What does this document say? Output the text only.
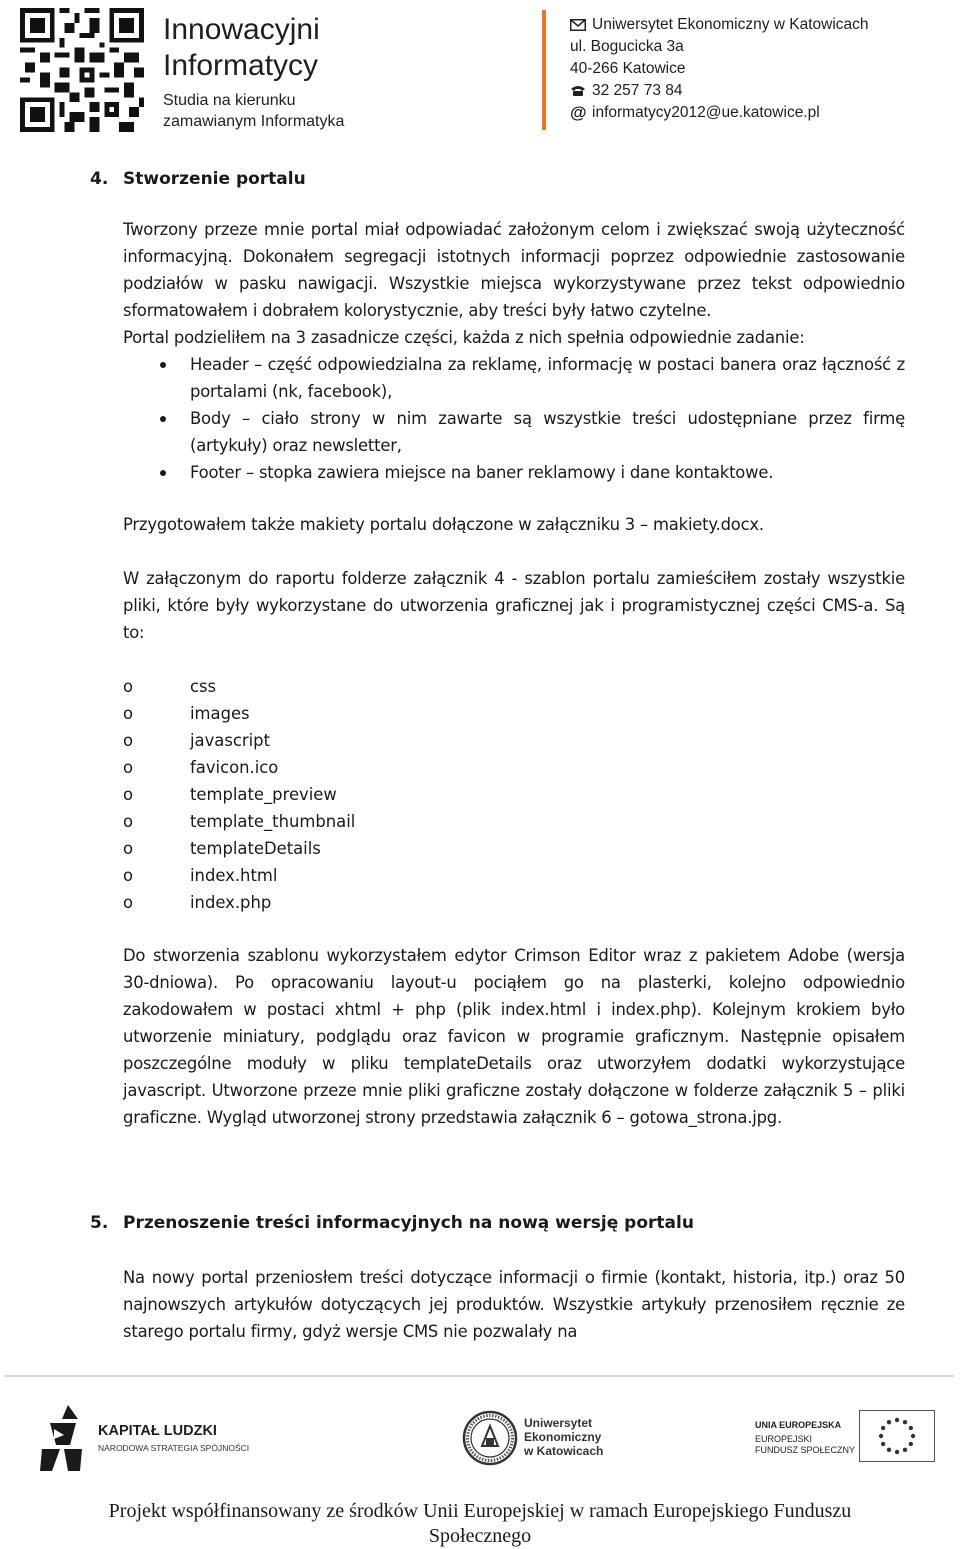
Innowacyjni
Informatycy
Studia na kierunku
zamawianym Informatyka
Uniwersytet Ekonomiczny w Katowicach
ul. Bogucicka 3a
40-266 Katowice
32 257 73 84
@ informatycy2012@ue.katowice.pl
4. Stworzenie portalu
Tworzony przeze mnie portal miał odpowiadać założonym celom i zwiększać swoją użyteczność informacyjną. Dokonałem segregacji istotnych informacji poprzez odpowiednie zastosowanie podziałów w pasku nawigacji. Wszystkie miejsca wykorzystywane przez tekst odpowiednio sformatowałem i dobrałem kolorystycznie, aby treści były łatwo czytelne.
Portal podzieliłem na 3 zasadnicze części, każda z nich spełnia odpowiednie zadanie:
Header – część odpowiedzialna za reklamę, informację w postaci banera oraz łączność z portalami (nk, facebook),
Body – ciało strony w nim zawarte są wszystkie treści udostępniane przez firmę (artykuły) oraz newsletter,
Footer – stopka zawiera miejsce na baner reklamowy i dane kontaktowe.
Przygotowałem także makiety portalu dołączone w załączniku 3 – makiety.docx.
W załączonym do raportu folderze załącznik 4 - szablon portalu zamieściłem zostały wszystkie pliki, które były wykorzystane do utworzenia graficznej jak i programistycznej części CMS-a. Są to:
o	css
o	images
o	javascript
o	favicon.ico
o	template_preview
o	template_thumbnail
o	templateDetails
o	index.html
o	index.php
Do stworzenia szablonu wykorzystałem edytor Crimson Editor wraz z pakietem Adobe (wersja 30-dniowa). Po opracowaniu layout-u pociąłem go na plasterki, kolejno odpowiednio zakodowałem w postaci xhtml + php (plik index.html i index.php). Kolejnym krokiem było utworzenie miniatury, podglądu oraz favicon w programie graficznym. Następnie opisałem poszczególne moduły w pliku templateDetails oraz utworzyłem dodatki wykorzystujące javascript. Utworzone przeze mnie pliki graficzne zostały dołączone w folderze załącznik 5 – pliki graficzne. Wygląd utworzonej strony przedstawia załącznik 6 – gotowa_strona.jpg.
5. Przenoszenie treści informacyjnych na nową wersję portalu
Na nowy portal przeniosłem treści dotyczące informacji o firmie (kontakt, historia, itp.) oraz 50 najnowszych artykułów dotyczących jej produktów. Wszystkie artykuły przenosiłem ręcznie ze starego portalu firmy, gdyż wersje CMS nie pozwalały na
KAPITAŁ LUDZKI
NARODOWA STRATEGIA SPÓJNOŚCI
Uniwersytet
Ekonomiczny
w Katowicach
UNIA EUROPEJSKA
EUROPEJSKI
FUNDUSZ SPOŁECZNY
Projekt współfinansowany ze środków Unii Europejskiej w ramach Europejskiego Funduszu
Społecznego
